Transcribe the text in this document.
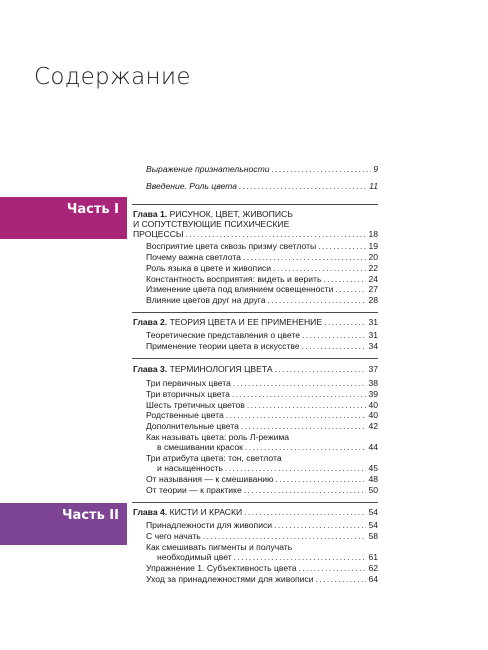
Содержание
Часть I
Часть II
Выражение признательности .....	9
Введение. Роль цвета .....	11
Глава 1. РИСУНОК, ЦВЕТ, ЖИВОПИСЬ
И СОПУТСТВУЮЩИЕ ПСИХИЧЕСКИЕ
ПРОЦЕССЫ .....	18
Восприятие цвета сквозь призму светлоты .....	19
Почему важна светлота .....	20
Роль языка в цвете и живописи .....	22
Константность восприятия: видеть и верить .....	24
Изменение цвета под влиянием освещенности .....	27
Влияние цветов друг на друга .....	28
Глава 2. ТЕОРИЯ ЦВЕТА И ЕЕ ПРИМЕНЕНИЕ .....	31
Теоретические представления о цвете .....	31
Применение теории цвета в искусстве .....	34
Глава 3. ТЕРМИНОЛОГИЯ ЦВЕТА .....	37
Три первичных цвета .....	38
Три вторичных цвета .....	39
Шесть третичных цветов .....	40
Родственные цвета .....	40
Дополнительные цвета .....	42
Как называть цвета: роль Л-режима
в смешивании красок .....	44
Три атрибута цвета: тон, светлота
и насыщенность .....	45
От называния — к смешиванию .....	48
От теории — к практике .....	50
Глава 4. КИСТИ И КРАСКИ .....	54
Принадлежности для живописи .....	54
С чего начать .....	58
Как смешивать пигменты и получать
необходимый цвет .....	61
Упражнение 1. Субъективность цвета .....	62
Уход за принадлежностями для живописи .....	64
